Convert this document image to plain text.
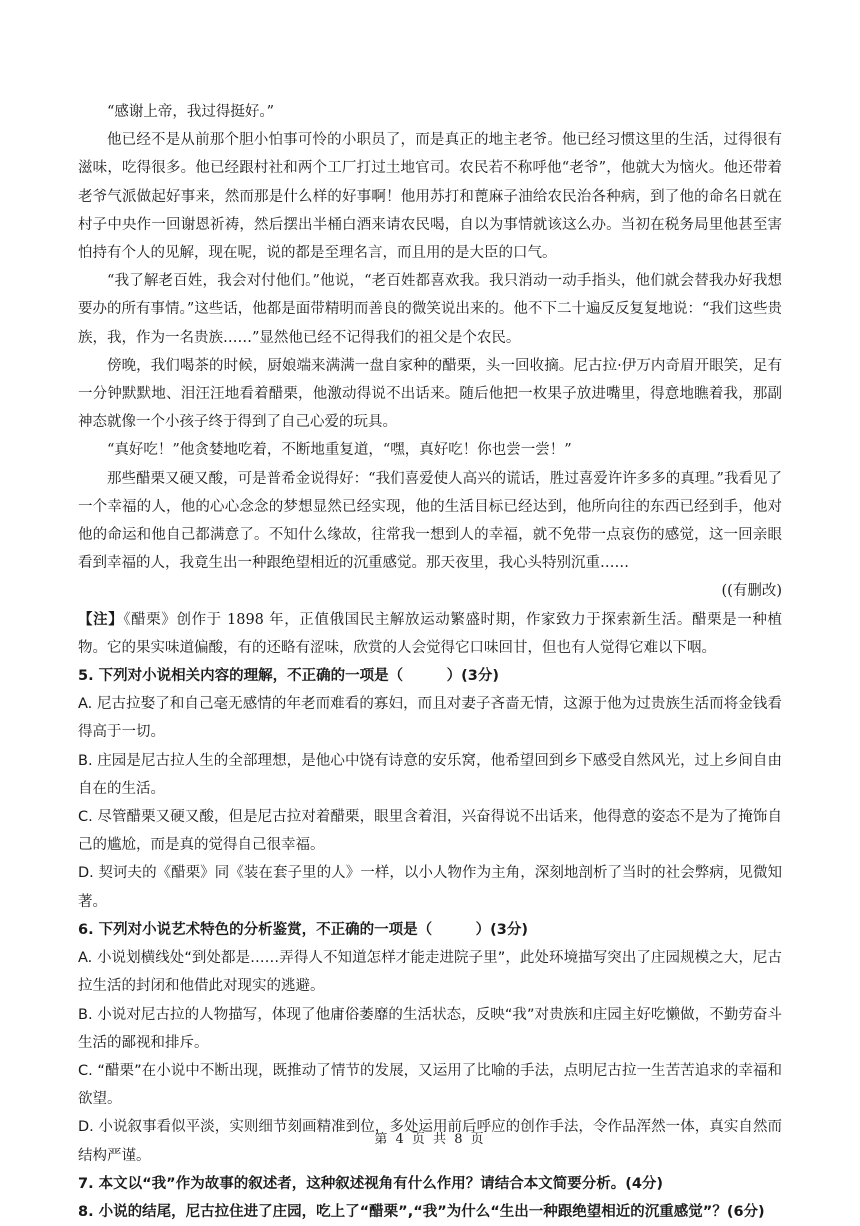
“感谢上帝，我过得挺好。”

他已经不是从前那个胆小怕事可怜的小职员了，而是真正的地主老爷。他已经习惯这里的生活，过得很有滋味，吃得很多。他已经跟村社和两个工厂打过土地官司。农民若不称呼他“老爷”，他就大为恼火。他还带着老爷气派做起好事来，然而那是什么样的好事啊！他用苏打和蓖麻子油给农民治各种病，到了他的命名日就在村子中央作一回谢恩祈祷，然后摆出半桶白酒来请农民喝，自以为事情就该这么办。当初在税务局里他甚至害怕持有个人的见解，现在呢，说的都是至理名言，而且用的是大臣的口气。

“我了解老百姓，我会对付他们。”他说，“老百姓都喜欢我。我只消动一动手指头，他们就会替我办好我想要办的所有事情。”这些话，他都是面带精明而善良的微笑说出来的。他不下二十遍反反复复地说：“我们这些贵族，我，作为一名贵族……”显然他已经不记得我们的祖父是个农民。

傍晚，我们喝茶的时候，厨娘端来满满一盘自家种的醋栗，头一回收摘。尼古拉·伊万内奇眉开眼笑，足有一分钟默默地、泪汪汪地看着醋栗，他激动得说不出话来。随后他把一枚果子放进嘴里，得意地瞧着我，那副神态就像一个小孩子终于得到了自己心爱的玩具。

“真好吃！”他贪婪地吃着，不断地重复道，“嘿，真好吃！你也尝一尝！”

那些醋栗又硬又酸，可是普希金说得好：“我们喜爱使人高兴的谎话，胜过喜爱许许多多的真理。”我看见了一个幸福的人，他的心心念念的梦想显然已经实现，他的生活目标已经达到，他所向往的东西已经到手，他对他的命运和他自己都满意了。不知什么缘故，往常我一想到人的幸福，就不免带一点哀伤的感觉，这一回亲眼看到幸福的人，我竟生出一种跟绝望相近的沉重感觉。那天夜里，我心头特别沉重……

((有删改)

【注】《醋栗》创作于 1898 年，正值俄国民主解放运动繁盛时期，作家致力于探索新生活。醋栗是一种植物。它的果实味道偏酸，有的还略有涩味，欣赏的人会觉得它口味回甘，但也有人觉得它难以下咽。

5. 下列对小说相关内容的理解，不正确的一项是（　　　）(3分)

A. 尼古拉娶了和自己毫无感情的年老而难看的寡妇，而且对妻子吝啬无情，这源于他为过贵族生活而将金钱看得高于一切。

B. 庄园是尼古拉人生的全部理想，是他心中饶有诗意的安乐窝，他希望回到乡下感受自然风光，过上乡间自由自在的生活。

C. 尽管醋栗又硬又酸，但是尼古拉对着醋栗，眼里含着泪，兴奋得说不出话来，他得意的姿态不是为了掩饰自己的尴尬，而是真的觉得自己很幸福。

D. 契诃夫的《醋栗》同《装在套子里的人》一样，以小人物作为主角，深刻地剖析了当时的社会弊病，见微知著。

6. 下列对小说艺术特色的分析鉴赏，不正确的一项是（　　　）(3分)

A. 小说划横线处“到处都是……弄得人不知道怎样才能走进院子里”，此处环境描写突出了庄园规模之大，尼古拉生活的封闭和他借此对现实的逃避。

B. 小说对尼古拉的人物描写，体现了他庸俗萎靡的生活状态，反映“我”对贵族和庄园主好吃懒做，不勤劳奋斗生活的鄙视和排斥。

C. “醋栗”在小说中不断出现，既推动了情节的发展，又运用了比喻的手法，点明尼古拉一生苦苦追求的幸福和欲望。

D. 小说叙事看似平淡，实则细节刻画精准到位，多处运用前后呼应的创作手法，令作品浑然一体，真实自然而结构严谨。

7. 本文以“我”作为故事的叙述者，这种叙述视角有什么作用？请结合本文简要分析。(4分)

8. 小说的结尾，尼古拉住进了庄园，吃上了“醋栗”,“我”为什么“生出一种跟绝望相近的沉重感觉”？(6分)

第 4 页 共 8 页
